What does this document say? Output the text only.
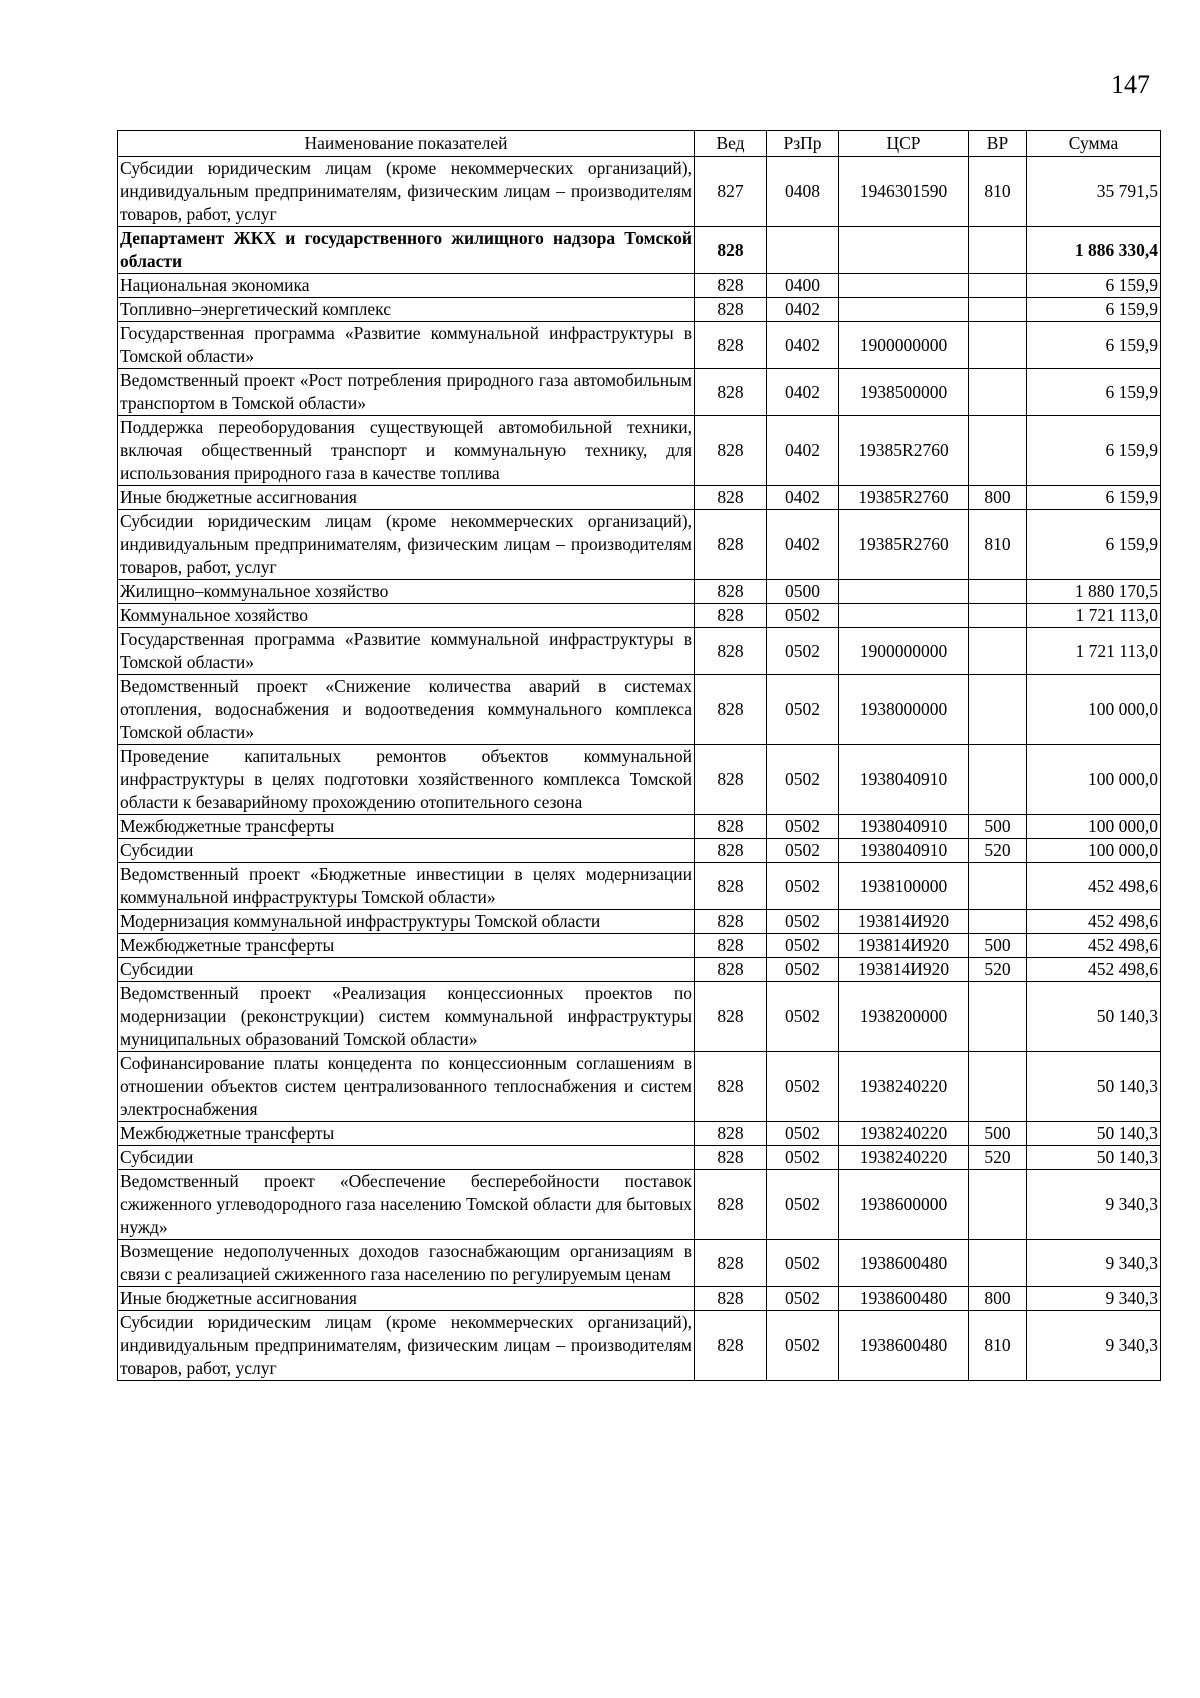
147
Наименование показателей	Вед	РзПр	ЦСР	ВР	Сумма
Субсидии юридическим лицам (кроме некоммерческих организаций), индивидуальным предпринимателям, физическим лицам – производителям товаров, работ, услуг	827	0408	1946301590	810	35 791,5
Департамент ЖКХ и государственного жилищного надзора Томской области	828				1 886 330,4
Национальная экономика	828	0400			6 159,9
Топливно–энергетический комплекс	828	0402			6 159,9
Государственная программа «Развитие коммунальной инфраструктуры в Томской области»	828	0402	1900000000		6 159,9
Ведомственный проект «Рост потребления природного газа автомобильным транспортом в Томской области»	828	0402	1938500000		6 159,9
Поддержка переоборудования существующей автомобильной техники, включая общественный транспорт и коммунальную технику, для использования природного газа в качестве топлива	828	0402	19385R2760		6 159,9
Иные бюджетные ассигнования	828	0402	19385R2760	800	6 159,9
Субсидии юридическим лицам (кроме некоммерческих организаций), индивидуальным предпринимателям, физическим лицам – производителям товаров, работ, услуг	828	0402	19385R2760	810	6 159,9
Жилищно–коммунальное хозяйство	828	0500			1 880 170,5
Коммунальное хозяйство	828	0502			1 721 113,0
Государственная программа «Развитие коммунальной инфраструктуры в Томской области»	828	0502	1900000000		1 721 113,0
Ведомственный проект «Снижение количества аварий в системах отопления, водоснабжения и водоотведения коммунального комплекса Томской области»	828	0502	1938000000		100 000,0
Проведение капитальных ремонтов объектов коммунальной инфраструктуры в целях подготовки хозяйственного комплекса Томской области к безаварийному прохождению отопительного сезона	828	0502	1938040910		100 000,0
Межбюджетные трансферты	828	0502	1938040910	500	100 000,0
Субсидии	828	0502	1938040910	520	100 000,0
Ведомственный проект «Бюджетные инвестиции в целях модернизации коммунальной инфраструктуры Томской области»	828	0502	1938100000		452 498,6
Модернизация коммунальной инфраструктуры Томской области	828	0502	193814И920		452 498,6
Межбюджетные трансферты	828	0502	193814И920	500	452 498,6
Субсидии	828	0502	193814И920	520	452 498,6
Ведомственный проект «Реализация концессионных проектов по модернизации (реконструкции) систем коммунальной инфраструктуры муниципальных образований Томской области»	828	0502	1938200000		50 140,3
Софинансирование платы концедента по концессионным соглашениям в отношении объектов систем централизованного теплоснабжения и систем электроснабжения	828	0502	1938240220		50 140,3
Межбюджетные трансферты	828	0502	1938240220	500	50 140,3
Субсидии	828	0502	1938240220	520	50 140,3
Ведомственный проект «Обеспечение бесперебойности поставок сжиженного углеводородного газа населению Томской области для бытовых нужд»	828	0502	1938600000		9 340,3
Возмещение недополученных доходов газоснабжающим организациям в связи с реализацией сжиженного газа населению по регулируемым ценам	828	0502	1938600480		9 340,3
Иные бюджетные ассигнования	828	0502	1938600480	800	9 340,3
Субсидии юридическим лицам (кроме некоммерческих организаций), индивидуальным предпринимателям, физическим лицам – производителям товаров, работ, услуг	828	0502	1938600480	810	9 340,3
